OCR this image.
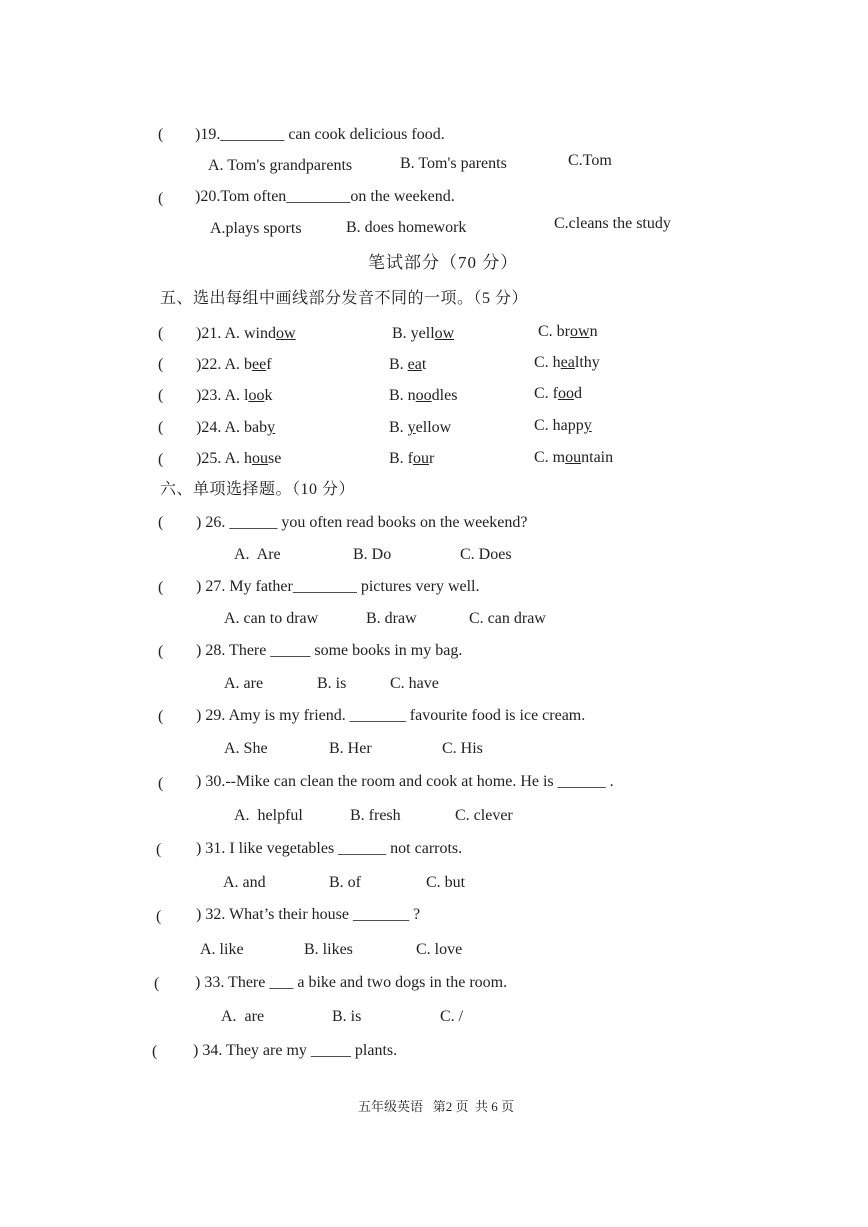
( )19.________ can cook delicious food.
A. Tom's grandparents	B. Tom's parents	C.Tom
( )20.Tom often________on the weekend.
A.plays sports	B. does homework	C.cleans the study
笔试部分（70 分）
五、选出每组中画线部分发音不同的一项。（5 分）
( )21. A. window	B. yellow	C. brown
( )22. A. beef	B. eat	C. healthy
( )23. A. look	B. noodles	C. food
( )24. A. baby	B. yellow	C. happy
( )25. A. house	B. four	C. mountain
六、单项选择题。（10 分）
( ) 26. ______ you often read books on the weekend?
A.  Are	B. Do	C. Does
( ) 27. My father________ pictures very well.
A. can to draw	B. draw	C. can draw
( ) 28. There _____ some books in my bag.
A. are	B. is	C. have
( ) 29. Amy is my friend. _______ favourite food is ice cream.
A. She	B. Her	C. His
( ) 30.--Mike can clean the room and cook at home. He is ______ .
A.  helpful	B. fresh	C. clever
( ) 31. I like vegetables ______ not carrots.
A. and	B. of	C. but
( ) 32. What’s their house _______ ?
A. like	B. likes	C. love
( ) 33. There ___ a bike and two dogs in the room.
A.  are	B. is	C. /
( ) 34. They are my _____ plants.
五年级英语   第2 页  共 6 页
